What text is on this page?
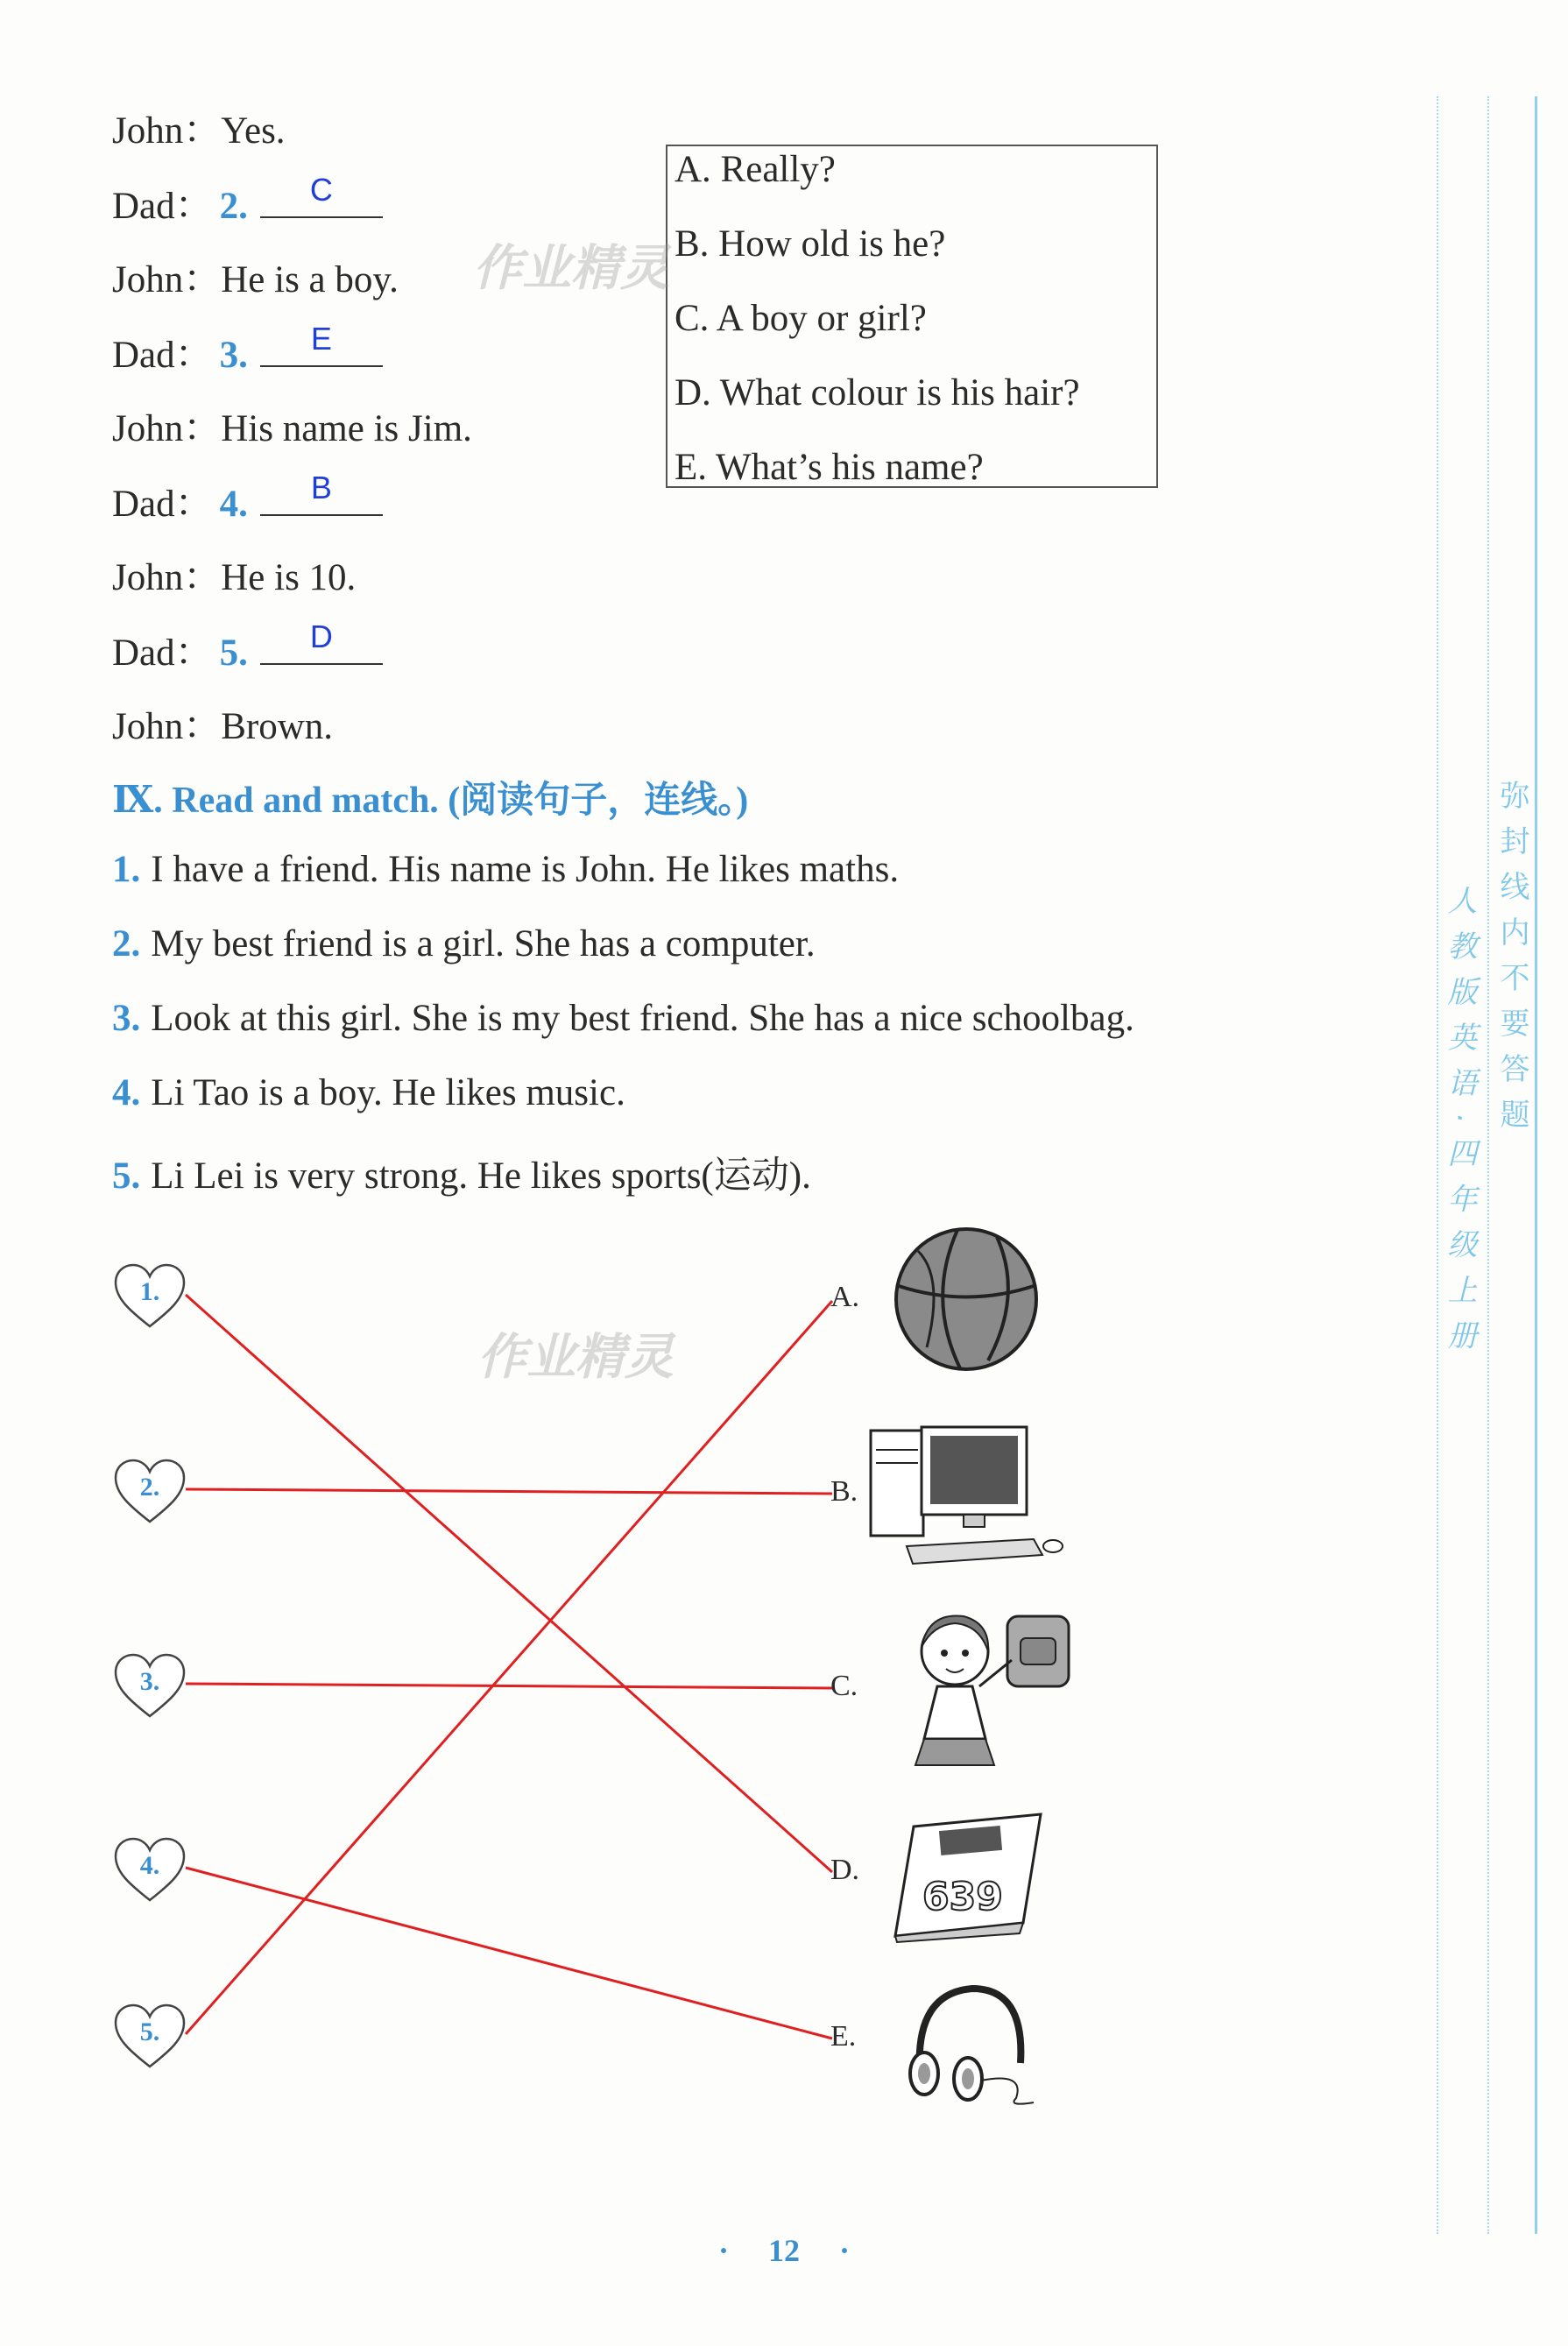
John：Yes.
Dad： 2.	C
John：He is a boy.
Dad： 3.	E
John：His name is Jim.
Dad： 4.	B
John：He is 10.
Dad： 5.	D
John：Brown.
A. Really?
B. How old is he?
C. A boy or girl?
D. What colour is his hair?
E. What’s his name?
作业精灵
作业精灵
Ⅸ. Read and match. (阅读句子，连线。)
1. I have a friend. His name is John. He likes maths.
2. My best friend is a girl. She has a computer.
3. Look at this girl. She is my best friend. She has a nice schoolbag.
4. Li Tao is a boy. He likes music.
5. Li Lei is very strong. He likes sports(运动).
1.
2.
3.
4.
5.
A.
B.
C.
D.
E.
639
弥封线内不要答题
人教版英语·四年级上册
· 12 ·
